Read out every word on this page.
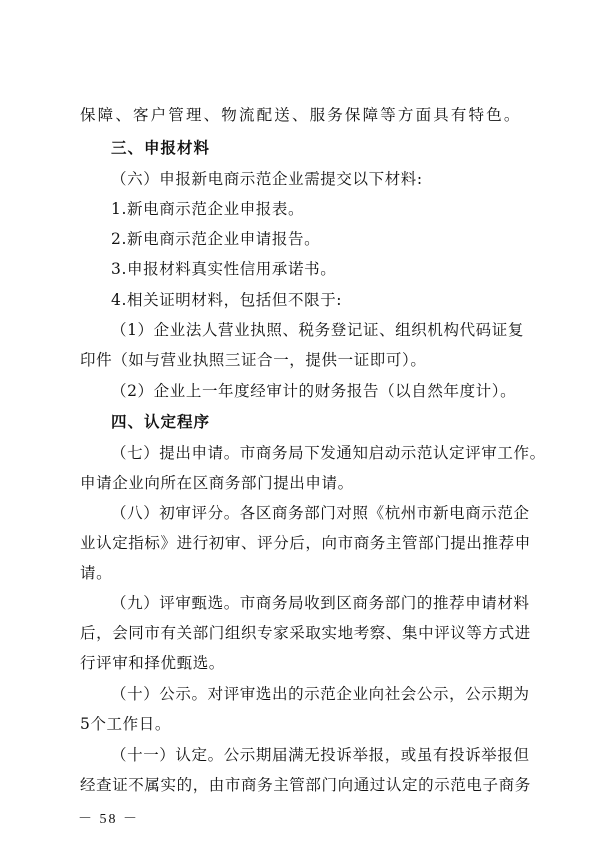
保障、客户管理、物流配送、服务保障等方面具有特色。
三、申报材料
（六）申报新电商示范企业需提交以下材料:
1.新电商示范企业申报表。
2.新电商示范企业申请报告。
3.申报材料真实性信用承诺书。
4.相关证明材料，包括但不限于:
（1）企业法人营业执照、税务登记证、组织机构代码证复
印件（如与营业执照三证合一，提供一证即可）。
（2）企业上一年度经审计的财务报告（以自然年度计）。
四、认定程序
（七）提出申请。市商务局下发通知启动示范认定评审工作。
申请企业向所在区商务部门提出申请。
（八）初审评分。各区商务部门对照《杭州市新电商示范企
业认定指标》进行初审、评分后，向市商务主管部门提出推荐申
请。
（九）评审甄选。市商务局收到区商务部门的推荐申请材料
后，会同市有关部门组织专家采取实地考察、集中评议等方式进
行评审和择优甄选。
（十）公示。对评审选出的示范企业向社会公示，公示期为
5个工作日。
（十一）认定。公示期届满无投诉举报，或虽有投诉举报但
经查证不属实的，由市商务主管部门向通过认定的示范电子商务
－ 58 －
